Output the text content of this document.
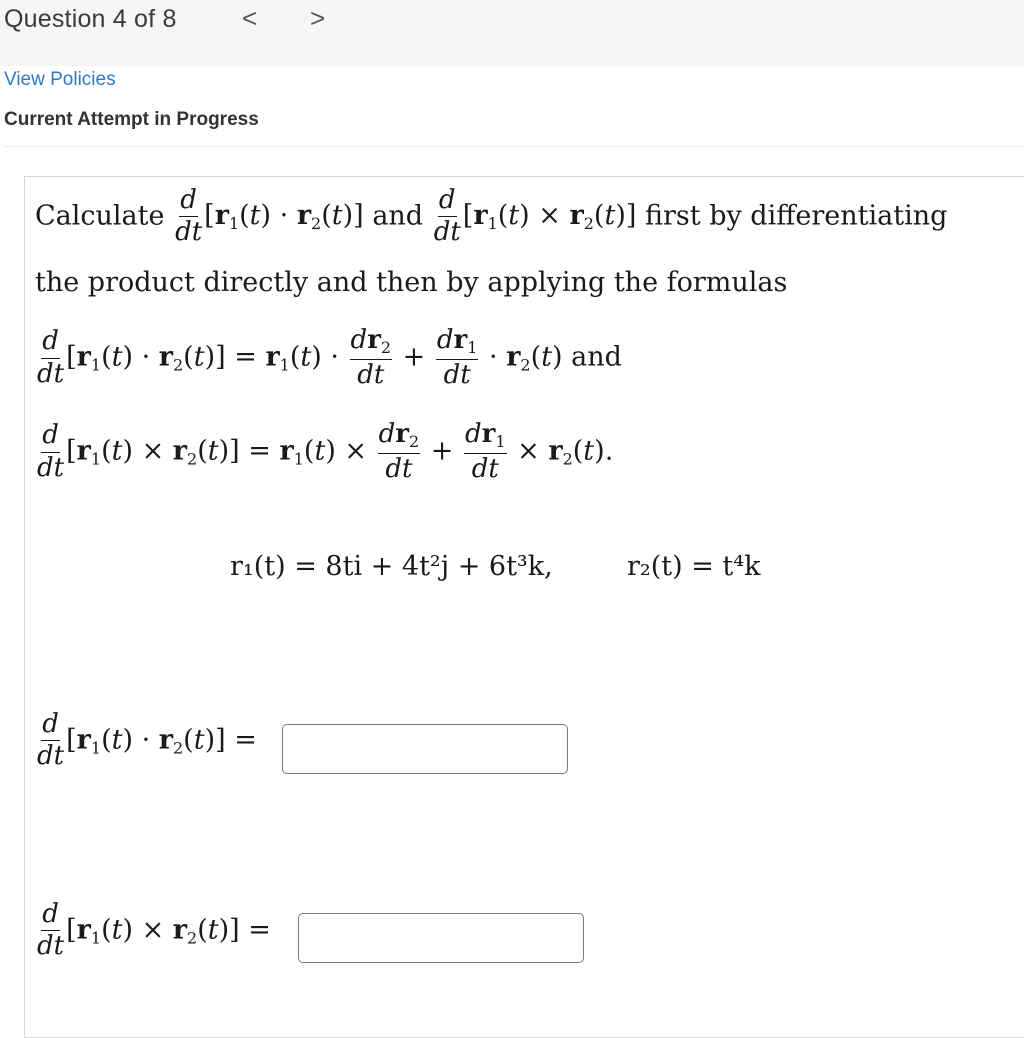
Question 4 of 8	< >
View Policies
Current Attempt in Progress
Calculate $\frac{d}{dt} [r_1(t) \cdot r_2(t)]$ and $\frac{d}{dt} [r_1(t) \times r_2(t)]$ first by differentiating
the product directly and then by applying the formulas
$\frac{d}{dt} [r_1(t) \cdot r_2(t)] = r_1(t) \cdot \frac{dr_2}{dt} + \frac{dr_1}{dt} \cdot r_2(t)$ and
$\frac{d}{dt} [r_1(t) \times r_2(t)] = r_1(t) \times \frac{dr_2}{dt} + \frac{dr_1}{dt} \times r_2(t)$.
r₁(t) = 8ti + 4t²j + 6t³k,	r₂(t) = t⁴k
$\frac{d}{dt} [r_1(t) \cdot r_2(t)]$ =
$\frac{d}{dt} [r_1(t) \times r_2(t)]$ =
